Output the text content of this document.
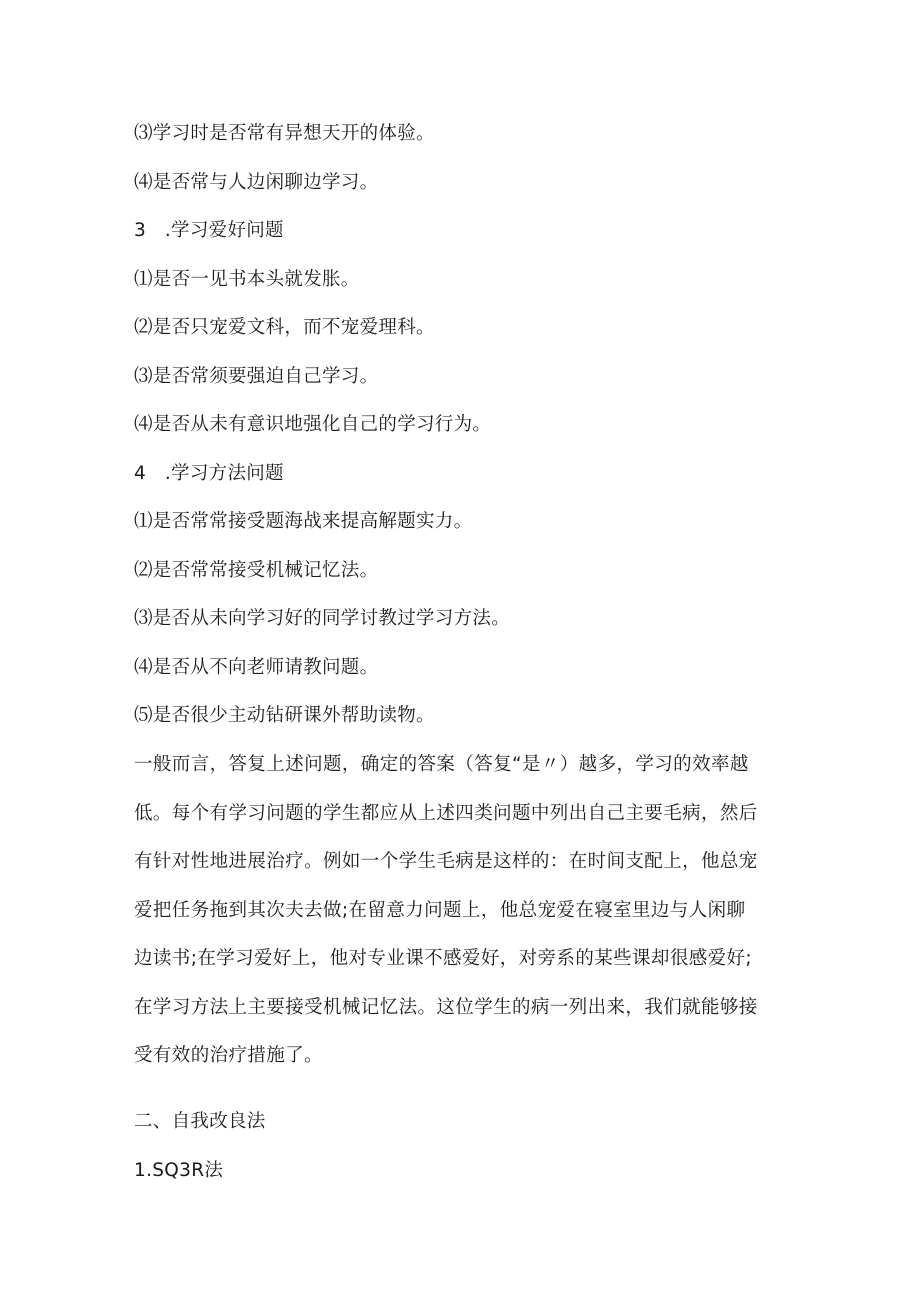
⑶学习时是否常有异想天开的体验。
⑷是否常与人边闲聊边学习。
3　.学习爱好问题
⑴是否一见书本头就发胀。
⑵是否只宠爱文科，而不宠爱理科。
⑶是否常须要强迫自己学习。
⑷是否从未有意识地强化自己的学习行为。
4　.学习方法问题
⑴是否常常接受题海战来提高解题实力。
⑵是否常常接受机械记忆法。
⑶是否从未向学习好的同学讨教过学习方法。
⑷是否从不向老师请教问题。
⑸是否很少主动钻研课外帮助读物。
一般而言，答复上述问题，确定的答案（答复“是〃）越多，学习的效率越
低。每个有学习问题的学生都应从上述四类问题中列出自己主要毛病，然后
有针对性地进展治疗。例如一个学生毛病是这样的：在时间支配上，他总宠
爱把任务拖到其次夫去做;在留意力问题上，他总宠爱在寝室里边与人闲聊
边读书;在学习爱好上，他对专业课不感爱好，对旁系的某些课却很感爱好;
在学习方法上主要接受机械记忆法。这位学生的病一列出来，我们就能够接
受有效的治疗措施了。
二、自我改良法
1.SQ3R法
